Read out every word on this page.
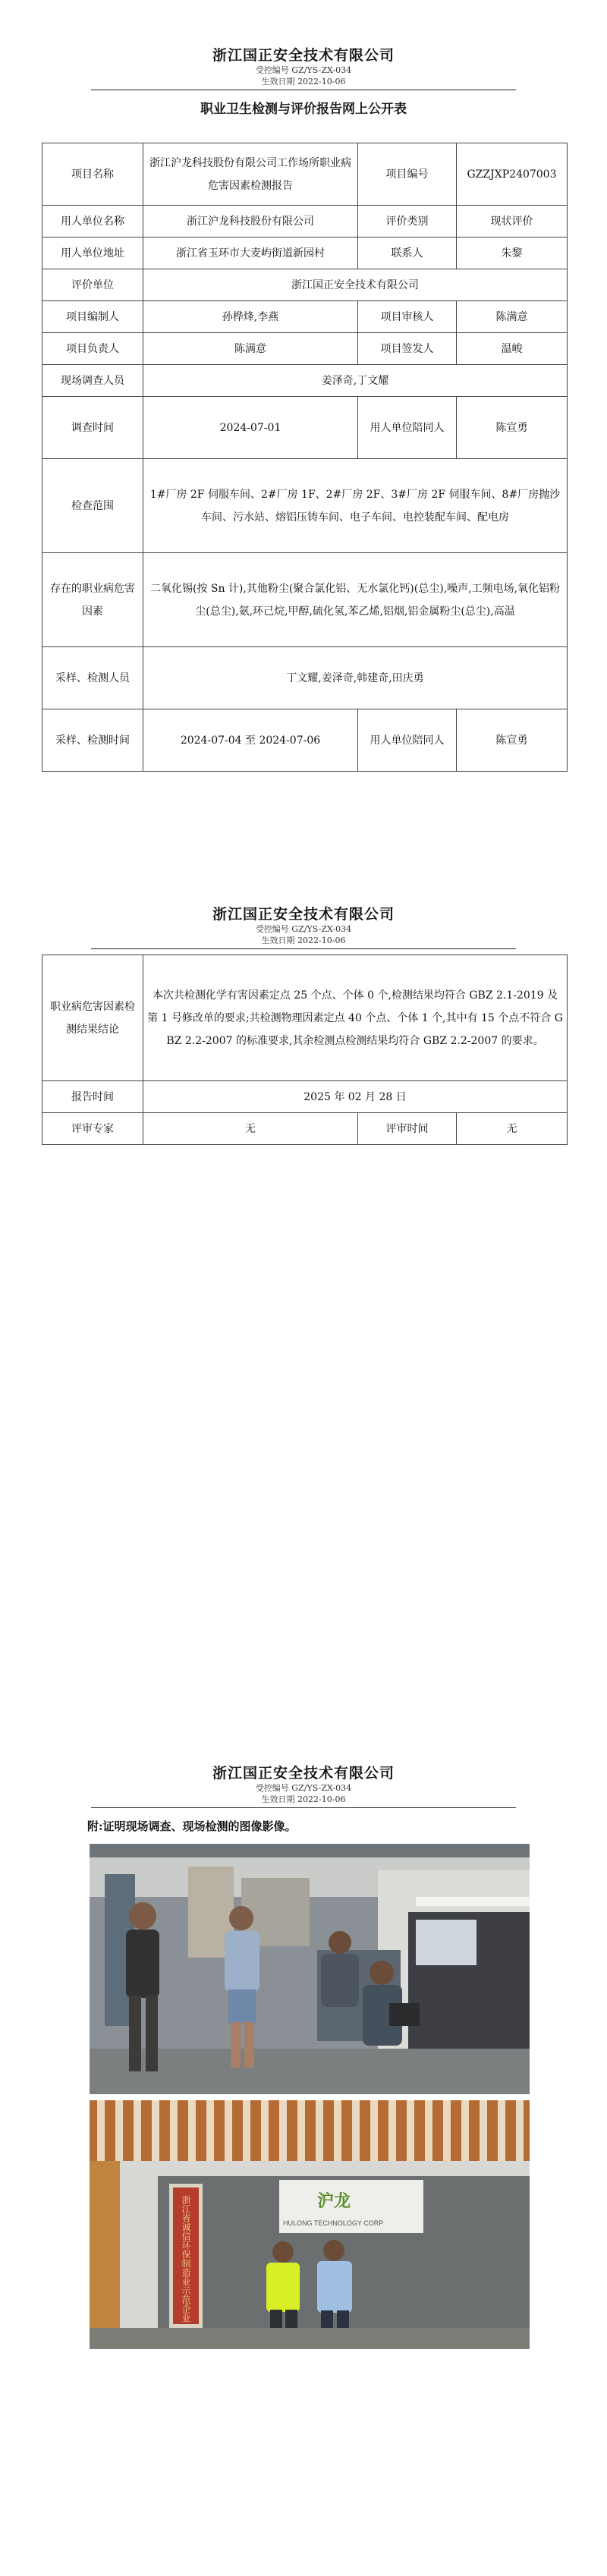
浙江国正安全技术有限公司
受控编号 GZ/YS-ZX-034
生效日期 2022-10-06
职业卫生检测与评价报告网上公开表
项目名称	浙江沪龙科技股份有限公司工作场所职业病危害因素检测报告	项目编号	GZZJXP2407003
用人单位名称	浙江沪龙科技股份有限公司	评价类别	现状评价
用人单位地址	浙江省玉环市大麦屿街道新园村	联系人	朱黎
评价单位	浙江国正安全技术有限公司		
项目编制人	孙桦烽,李燕	项目审核人	陈满意
项目负责人	陈满意	项目签发人	温峻
现场调查人员	姜泽奇,丁文耀		
调查时间	2024-07-01	用人单位陪同人	陈宣勇
检查范围	1#厂房 2F 伺服车间、2#厂房 1F、2#厂房 2F、3#厂房 2F 伺服车间、8#厂房抛沙车间、污水站、熔铝压铸车间、电子车间、电控装配车间、配电房		
存在的职业病危害因素	二氧化锡(按 Sn 计),其他粉尘(聚合氯化铝、无水氯化钙)(总尘),噪声,工频电场,氧化铝粉尘(总尘),氨,环己烷,甲醇,硫化氢,苯乙烯,铝烟,铝金属粉尘(总尘),高温		
采样、检测人员	丁文耀,姜泽奇,韩建奇,田庆勇		
采样、检测时间	2024-07-04 至 2024-07-06	用人单位陪同人	陈宣勇
浙江国正安全技术有限公司
受控编号 GZ/YS-ZX-034
生效日期 2022-10-06
职业病危害因素检测结果结论	本次共检测化学有害因素定点 25 个点、个体 0 个,检测结果均符合 GBZ 2.1-2019 及第 1 号修改单的要求;共检测物理因素定点 40 个点、个体 1 个,其中有 15 个点不符合 GBZ 2.2-2007 的标准要求,其余检测点检测结果均符合 GBZ 2.2-2007 的要求。		
报告时间	2025 年 02 月 28 日		
评审专家	无	评审时间	无
浙江国正安全技术有限公司
受控编号 GZ/YS-ZX-034
生效日期 2022-10-06
附:证明现场调查、现场检测的图像影像。
沪龙
HULONG TECHNOLOGY CORP
浙江省诚信环保制造业示范企业
